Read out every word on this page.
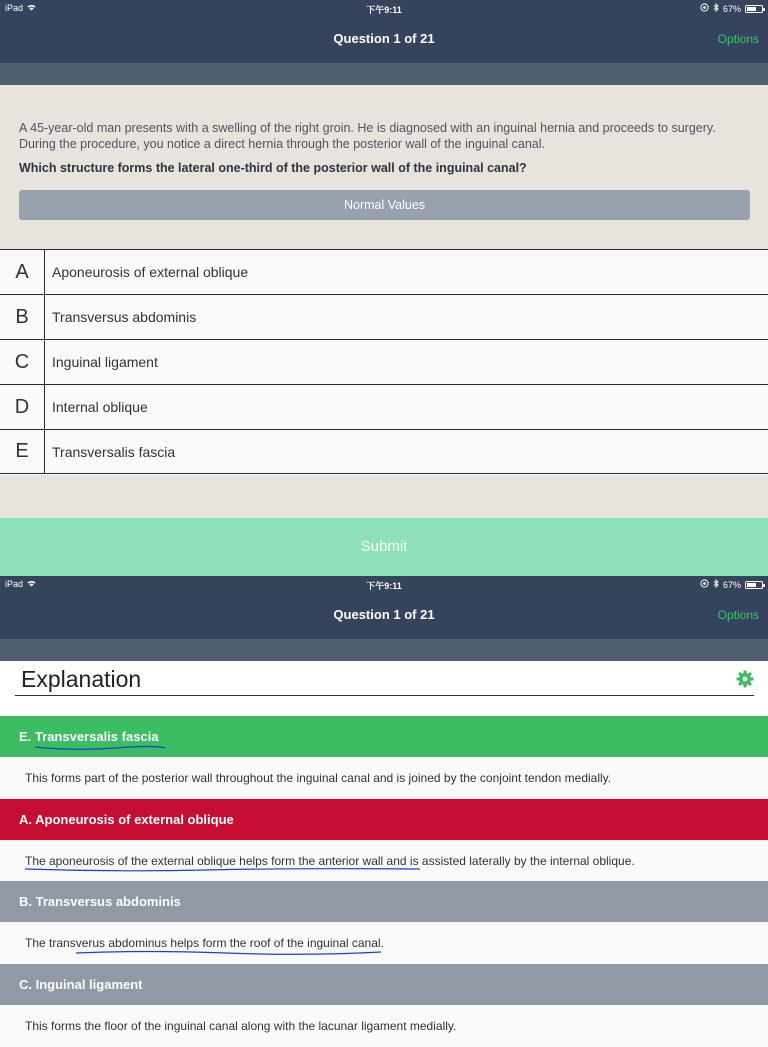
iPad	下午9:11	67%
Question 1 of 21	Options
A 45-year-old man presents with a swelling of the right groin. He is diagnosed with an inguinal hernia and proceeds to surgery. During the procedure, you notice a direct hernia through the posterior wall of the inguinal canal.
Which structure forms the lateral one-third of the posterior wall of the inguinal canal?
Normal Values
A	Aponeurosis of external oblique
B	Transversus abdominis
C	Inguinal ligament
D	Internal oblique
E	Transversalis fascia
Submit
iPad	下午9:11	67%
Question 1 of 21	Options
Explanation
E. Transversalis fascia
This forms part of the posterior wall throughout the inguinal canal and is joined by the conjoint tendon medially.
A. Aponeurosis of external oblique
The aponeurosis of the external oblique helps form the anterior wall
and is assisted laterally by the internal oblique.
B. Transversus abdominis
The transverus abdominus helps form the roof of the inguinal can
al.
C. Inguinal ligament
This forms the floor of the inguinal canal along with the lacunar ligament medially.
